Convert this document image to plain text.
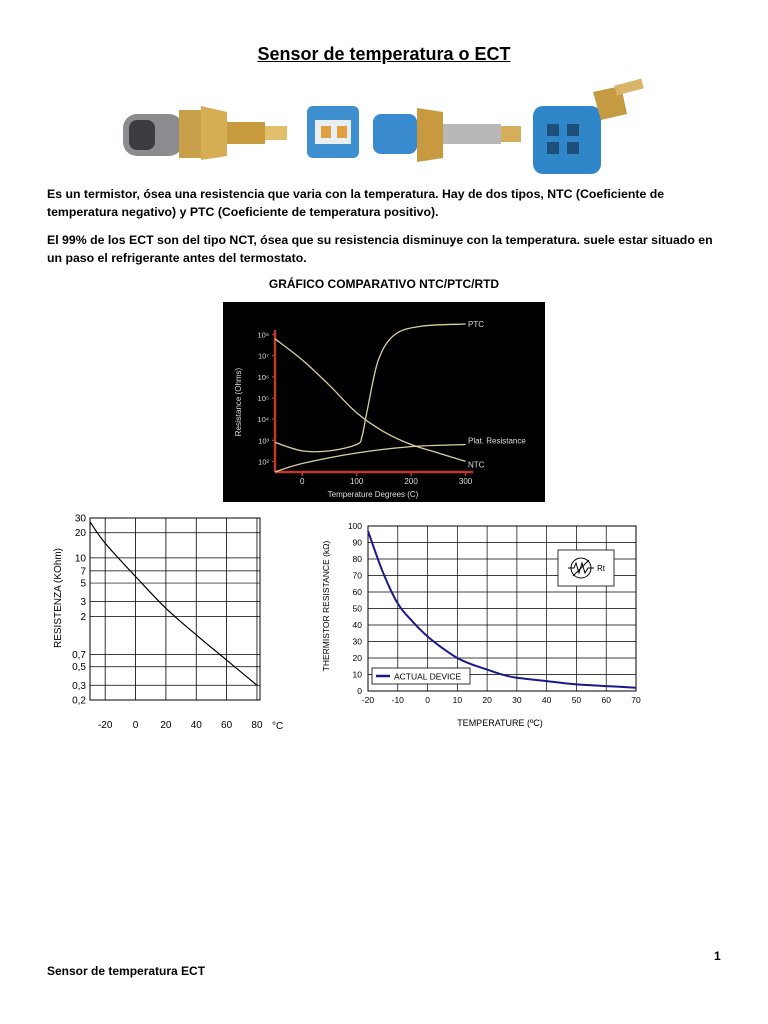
Sensor de temperatura o ECT
Es un termistor, ósea una resistencia que varia con la temperatura. Hay de dos tipos, NTC (Coeficiente de temperatura negativo) y PTC (Coeficiente de temperatura positivo).
El 99% de los ECT son del tipo NCT, ósea que su resistencia disminuye con la temperatura. suele estar situado en un paso el refrigerante antes del termostato.
GRÁFICO COMPARATIVO NTC/PTC/RTD
Resistance (Ohms)
Temperature Degrees (C)
0	100	200	300
10²
10³
10⁴
10⁵
10⁶
10⁷
10⁸
PTC
Plat. Resistance
NTC
RESISTENZA (KOhm)
°C
-20 0 20 40 60 80
0,2
0,3
0,5
0,7
2
3
5
7
10
20
30
THERMISTOR RESISTANCE (kΩ)
TEMPERATURE (ºC)
-20 -10	0	10 20 30 40 50 60 70
0
10
20
30
40
50
60
70
80
90
100
ACTUAL DEVICE
Rt
1
Sensor de temperatura ECT
